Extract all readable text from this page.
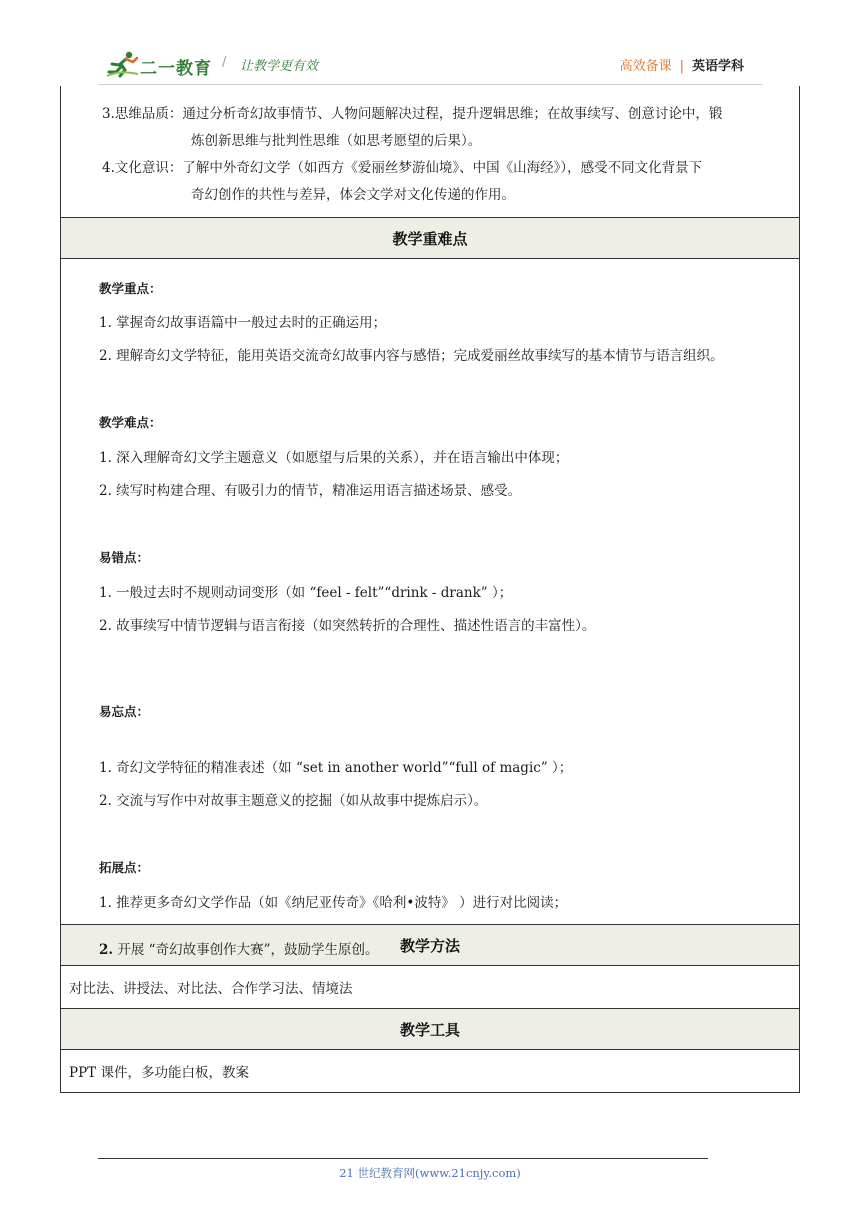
二一教育 / 让教学更有效	高效备课 | 英语学科

3.思维品质：通过分析奇幻故事情节、人物问题解决过程，提升逻辑思维；在故事续写、创意讨论中，锻

炼创新思维与批判性思维（如思考愿望的后果）。

4.文化意识：了解中外奇幻文学（如西方《爱丽丝梦游仙境》、中国《山海经》），感受不同文化背景下

奇幻创作的共性与差异，体会文学对文化传递的作用。

教学重难点
教学重点：
1. 掌握奇幻故事语篇中一般过去时的正确运用；
2. 理解奇幻文学特征，能用英语交流奇幻故事内容与感悟；完成爱丽丝故事续写的基本情节与语言组织。
教学难点：
1. 深入理解奇幻文学主题意义（如愿望与后果的关系），并在语言输出中体现；
2. 续写时构建合理、有吸引力的情节，精准运用语言描述场景、感受。
易错点：
1. 一般过去时不规则动词变形（如 “feel - felt”“drink - drank” ）；
2. 故事续写中情节逻辑与语言衔接（如突然转折的合理性、描述性语言的丰富性）。
易忘点：
1. 奇幻文学特征的精准表述（如 “set in another world”“full of magic” ）；
2. 交流与写作中对故事主题意义的挖掘（如从故事中提炼启示）。
拓展点：
1. 推荐更多奇幻文学作品（如《纳尼亚传奇》《哈利•波特》 ）进行对比阅读；
教学方法
对比法、讲授法、对比法、合作学习法、情境法
教学工具
PPT 课件，多功能白板，教案
2. 开展 “奇幻故事创作大赛”，鼓励学生原创。
21 世纪教育网(www.21cnjy.com)
